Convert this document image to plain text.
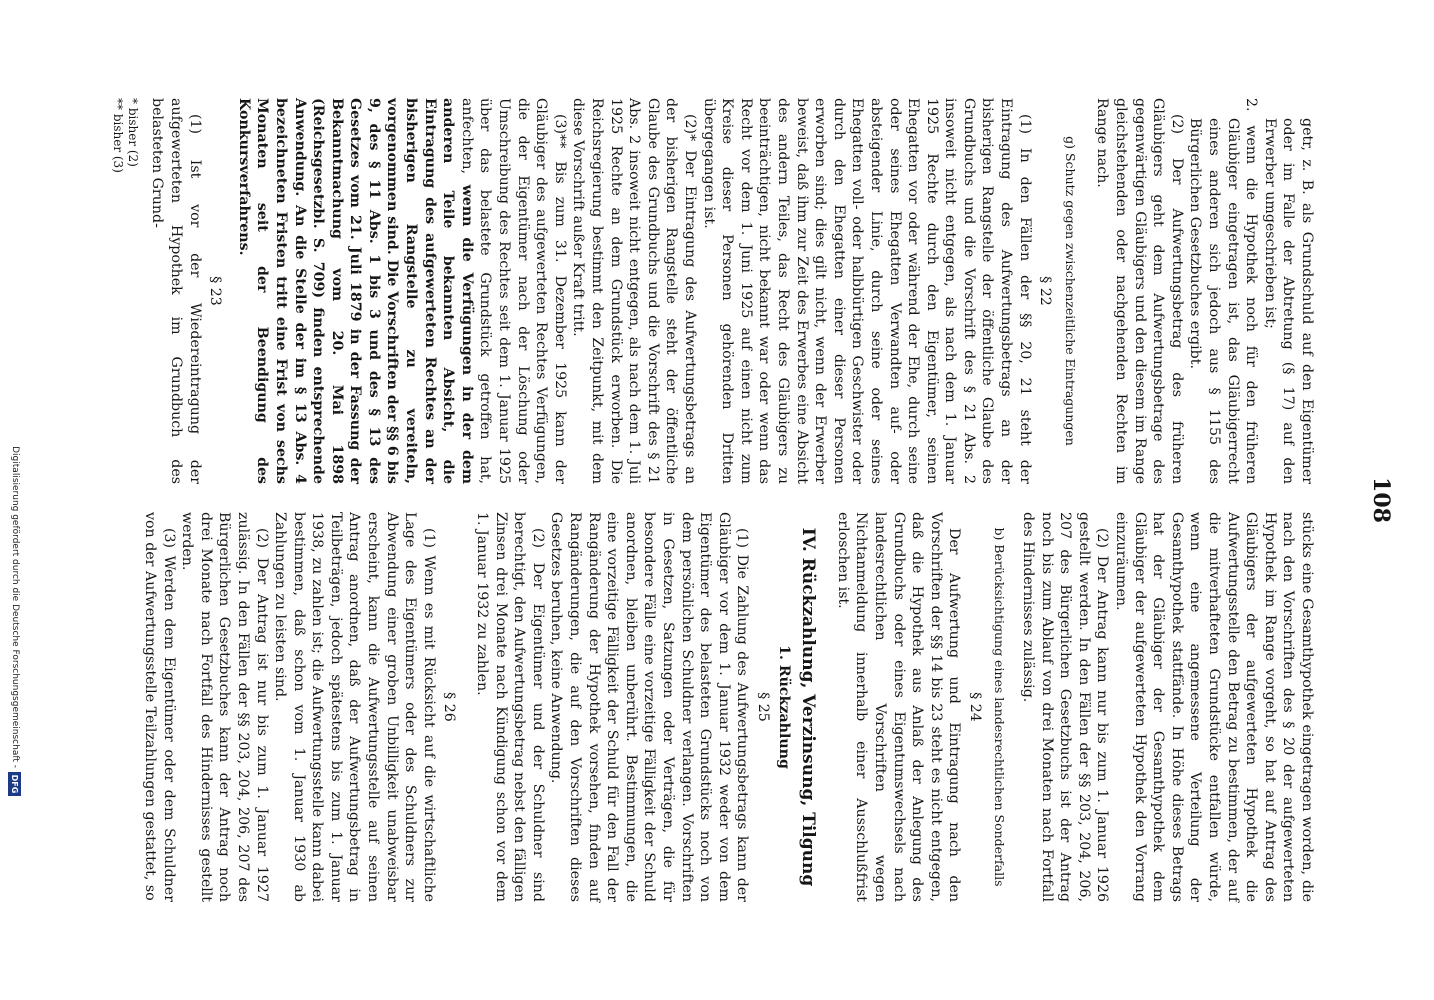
108

getr, z. B. als Grundschuld auf den Eigentümer oder im Falle der Abtretung (§ 17) auf den Erwerber umgeschrieben ist;

2. wenn die Hypothek noch für den früheren Gläubiger eingetragen ist, das Gläubigerrecht eines anderen sich jedoch aus § 1155 des Bürgerlichen Gesetzbuches ergibt.

(2) Der Aufwertungsbetrag des früheren Gläubigers geht dem Aufwertungsbetrage des gegenwärtigen Gläubigers und den diesem im Range gleichstehenden oder nachgehenden Rechten im Range nach.

g) Schutz gegen zwischenzeitliche Eintragungen

§ 22

(1) In den Fällen der §§ 20, 21 steht der Eintragung des Aufwertungsbetrags an der bisherigen Rangstelle der öffentliche Glaube des Grundbuchs und die Vorschrift des § 21 Abs. 2 insoweit nicht entgegen, als nach dem 1. Januar 1925 Rechte durch den Eigentümer, seinen Ehegatten vor oder während der Ehe, durch seine oder seines Ehegatten Verwandten auf- oder absteigender Linie, durch seine oder seines Ehegatten voll- oder halbbürtigen Geschwister oder durch den Ehegatten einer dieser Personen erworben sind; dies gilt nicht, wenn der Erwerber beweist, daß ihm zur Zeit des Erwerbes eine Absicht des andern Teiles, das Recht des Gläubigers zu beeinträchtigen, nicht bekannt war oder wenn das Recht vor dem 1. Juni 1925 auf einen nicht zum Kreise dieser Personen gehörenden Dritten übergegangen ist.

(2)* Der Eintragung des Aufwertungsbetrags an der bisherigen Rangstelle steht der öffentliche Glaube des Grundbuchs und die Vorschrift des § 21 Abs. 2 insoweit nicht entgegen, als nach dem 1. Juli 1925 Rechte an dem Grundstück erworben. Die Reichsregierung bestimmt den Zeitpunkt, mit dem diese Vorschrift außer Kraft tritt.

(3)** Bis zum 31. Dezember 1925 kann der Gläubiger des aufgewerteten Rechtes Verfügungen, die der Eigentümer nach der Löschung oder Umschreibung des Rechtes seit dem 1. Januar 1925 über das belastete Grundstück getroffen hat, anfechten, wenn die Verfügungen in der dem anderen Teile bekannten Absicht, die Eintragung des aufgewerteten Rechtes an der bisherigen Rangstelle zu vereiteln, vorgenommen sind. Die Vorschriften der §§ 6 bis 9, des § 11 Abs. 1 bis 3 und des § 13 des Gesetzes vom 21. Juli 1879 in der Fassung der Bekanntmachung vom 20. Mai 1898 (Reichsgesetzbl. S. 709) finden entsprechende Anwendung. An die Stelle der im § 13 Abs. 4 bezeichneten Fristen tritt eine Frist von sechs Monaten seit der Beendigung des Konkursverfahrens.

§ 23

(1) Ist vor der Wiedereintragung der aufgewerteten Hypothek im Grundbuch des belasteten Grund-

* bisher (2)

** bisher (3)

stücks eine Gesamthypothek eingetragen worden, die nach den Vorschriften des § 20 der aufgewerteten Hypothek im Range vorgeht, so hat auf Antrag des Gläubigers der aufgewerteten Hypothek die Aufwertungsstelle den Betrag zu bestimmen, der auf die mitverhafteten Grundstücke entfallen würde, wenn eine angemessene Verteilung der Gesamthypothek stattfände. In Höhe dieses Betrags hat der Gläubiger der Gesamthypothek dem Gläubiger der aufgewerteten Hypothek den Vorrang einzuräumen.

(2) Der Antrag kann nur bis zum 1. Januar 1926 gestellt werden. In den Fällen der §§ 203, 204, 206, 207 des Bürgerlichen Gesetzbuchs ist der Antrag noch bis zum Ablauf von drei Monaten nach Fortfall des Hindernisses zulässig.

b) Berücksichtigung eines landesrechtlichen Sonderfalls

§ 24

Der Aufwertung und Eintragung nach den Vorschriften der §§ 14 bis 23 steht es nicht entgegen, daß die Hypothek aus Anlaß der Anlegung des Grundbuchs oder eines Eigentumswechsels nach landesrechtlichen Vorschriften wegen Nichtanmeldung innerhalb einer Ausschlußfrist erloschen ist.

IV. Rückzahlung, Verzinsung, Tilgung

1. Rückzahlung

§ 25

(1) Die Zahlung des Aufwertungsbetrags kann der Gläubiger vor dem 1. Januar 1932 weder von dem Eigentümer des belasteten Grundstücks noch von dem persönlichen Schuldner verlangen. Vorschriften in Gesetzen, Satzungen oder Verträgen, die für besondere Fälle eine vorzeitige Fälligkeit der Schuld anordnen, bleiben unberührt. Bestimmungen, die eine vorzeitige Fälligkeit der Schuld für den Fall der Rangänderung der Hypothek vorsehen, finden auf Rangänderungen, die auf den Vorschriften dieses Gesetzes beruhen, keine Anwendung.

(2) Der Eigentümer und der Schuldner sind berechtigt, den Aufwertungsbetrag nebst den fälligen Zinsen drei Monate nach Kündigung schon vor dem 1. Januar 1932 zu zahlen.

§ 26

(1) Wenn es mit Rücksicht auf die wirtschaftliche Lage des Eigentümers oder des Schuldners zur Abwendung einer groben Unbilligkeit unabweisbar erscheint, kann die Aufwertungsstelle auf seinen Antrag anordnen, daß der Aufwertungsbetrag in Teilbeträgen, jedoch spätestens bis zum 1. Januar 1938, zu zahlen ist; die Aufwertungsstelle kann dabei bestimmen, daß schon vom 1. Januar 1930 ab Zahlungen zu leisten sind.

(2) Der Antrag ist nur bis zum 1. Januar 1927 zulässig. In den Fällen der §§ 203, 204, 206, 207 des Bürgerlichen Gesetzbuches kann der Antrag noch drei Monate nach Fortfall des Hindernisses gestellt werden.

(3) Werden dem Eigentümer oder dem Schuldner von der Aufwertungsstelle Teilzahlungen gestattet, so

Digitalisierung gefördert durch die Deutsche Forschungsgemeinschaft -
DFG
